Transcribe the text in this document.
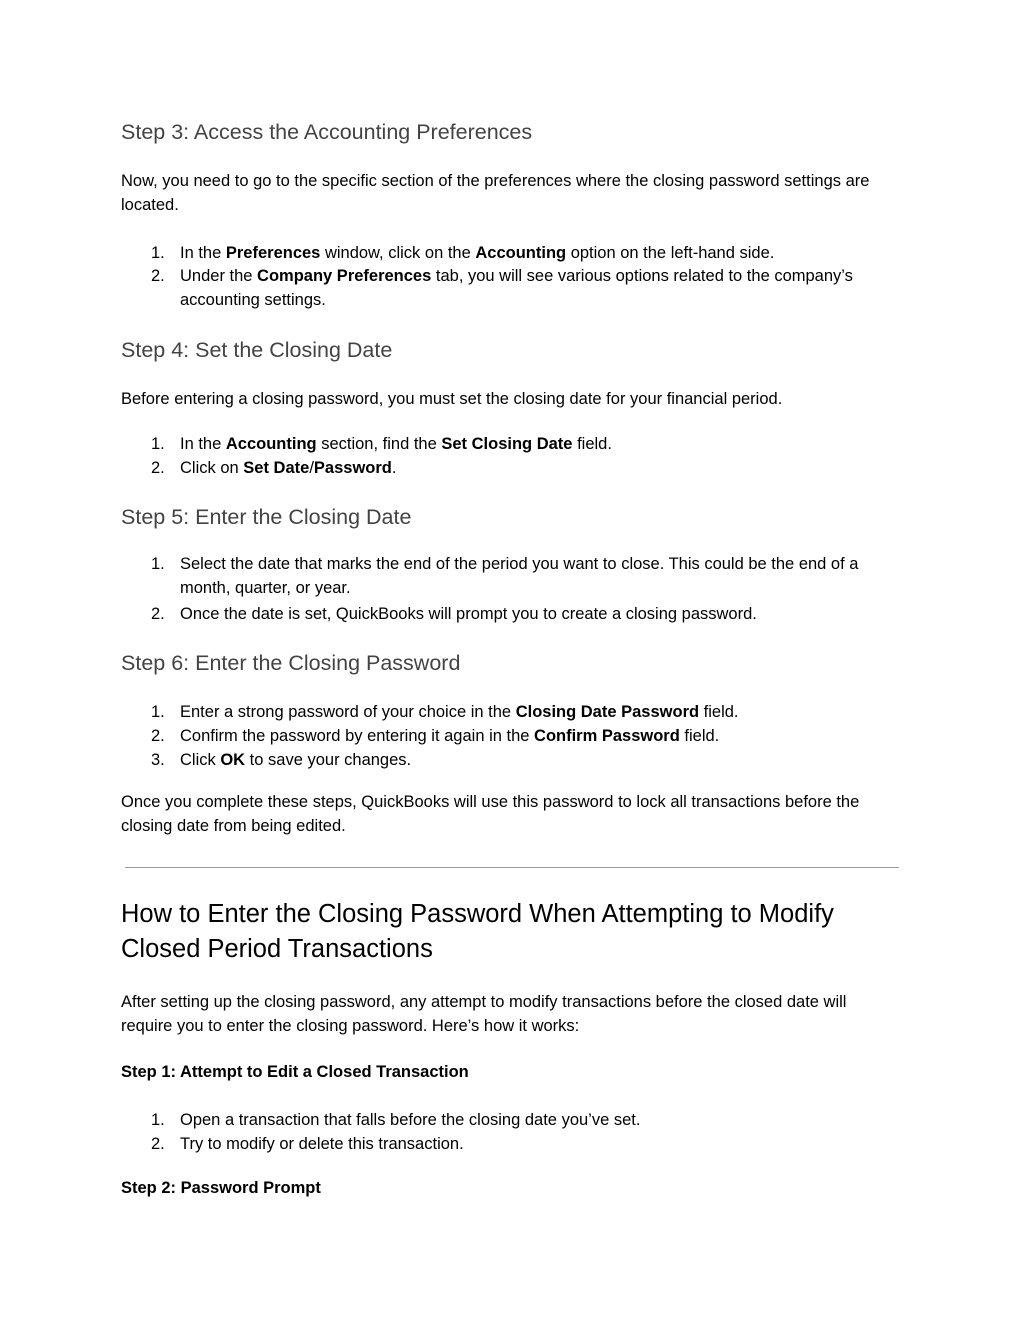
Step 3: Access the Accounting Preferences

Now, you need to go to the specific section of the preferences where the closing password settings are located.

1. In the Preferences window, click on the Accounting option on the left-hand side.
2. Under the Company Preferences tab, you will see various options related to the company’s accounting settings.
Step 4: Set the Closing Date

Before entering a closing password, you must set the closing date for your financial period.

1. In the Accounting section, find the Set Closing Date field.
2. Click on Set Date/Password.
Step 5: Enter the Closing Date
1. Select the date that marks the end of the period you want to close. This could be the end of a month, quarter, or year.
2. Once the date is set, QuickBooks will prompt you to create a closing password.
Step 6: Enter the Closing Password
1. Enter a strong password of your choice in the Closing Date Password field.
2. Confirm the password by entering it again in the Confirm Password field.
3. Click OK to save your changes.

Once you complete these steps, QuickBooks will use this password to lock all transactions before the closing date from being edited.

How to Enter the Closing Password When Attempting to Modify Closed Period Transactions

After setting up the closing password, any attempt to modify transactions before the closed date will require you to enter the closing password. Here’s how it works:

Step 1: Attempt to Edit a Closed Transaction
1. Open a transaction that falls before the closing date you’ve set.
2. Try to modify or delete this transaction.
Step 2: Password Prompt
